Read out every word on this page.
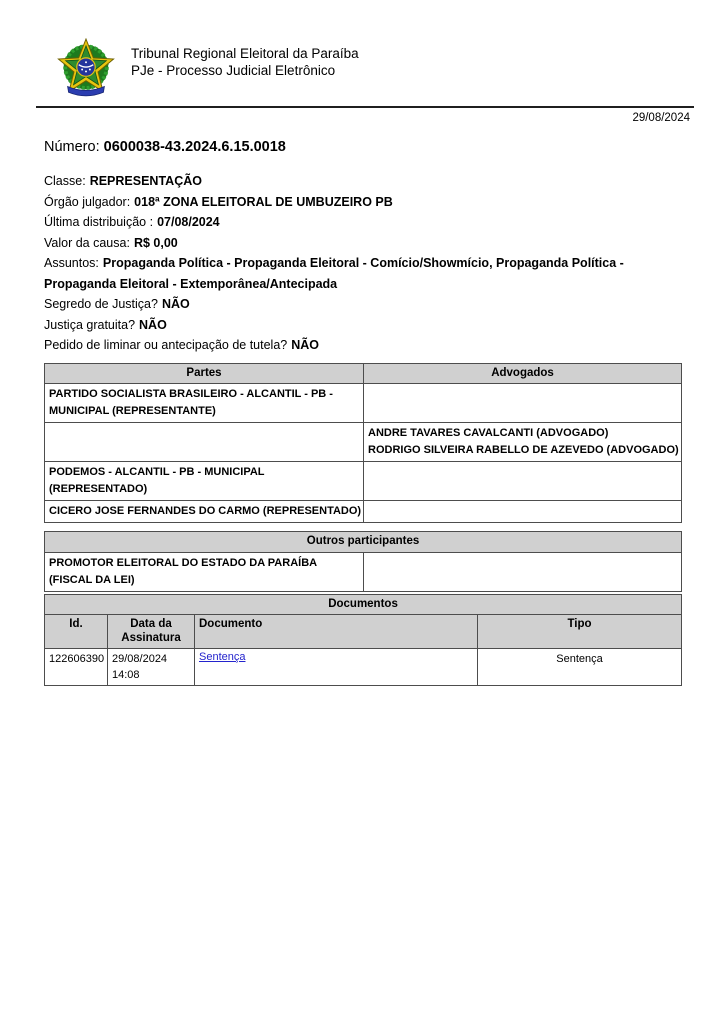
Tribunal Regional Eleitoral da Paraíba
PJe - Processo Judicial Eletrônico
29/08/2024
Número: 0600038-43.2024.6.15.0018

Classe: REPRESENTAÇÃO

Órgão julgador: 018ª ZONA ELEITORAL DE UMBUZEIRO PB

Última distribuição : 07/08/2024

Valor da causa: R$ 0,00

Assuntos: Propaganda Política - Propaganda Eleitoral - Comício/Showmício, Propaganda Política - Propaganda Eleitoral - Extemporânea/Antecipada

Segredo de Justiça? NÃO

Justiça gratuita? NÃO

Pedido de liminar ou antecipação de tutela? NÃO

Partes	Advogados

PARTIDO SOCIALISTA BRASILEIRO - ALCANTIL - PB -
MUNICIPAL (REPRESENTANTE)	

	ANDRE TAVARES CAVALCANTI (ADVOGADO)
RODRIGO SILVEIRA RABELLO DE AZEVEDO (ADVOGADO)

PODEMOS - ALCANTIL - PB - MUNICIPAL
(REPRESENTADO)	

CICERO JOSE FERNANDES DO CARMO (REPRESENTADO)	

Outros participantes

PROMOTOR ELEITORAL DO ESTADO DA PARAÍBA
(FISCAL DA LEI)

Documentos			
Id.	Data da Assinatura	Documento	Tipo

122606390	29/08/2024
14:08	Sentença	Sentença
